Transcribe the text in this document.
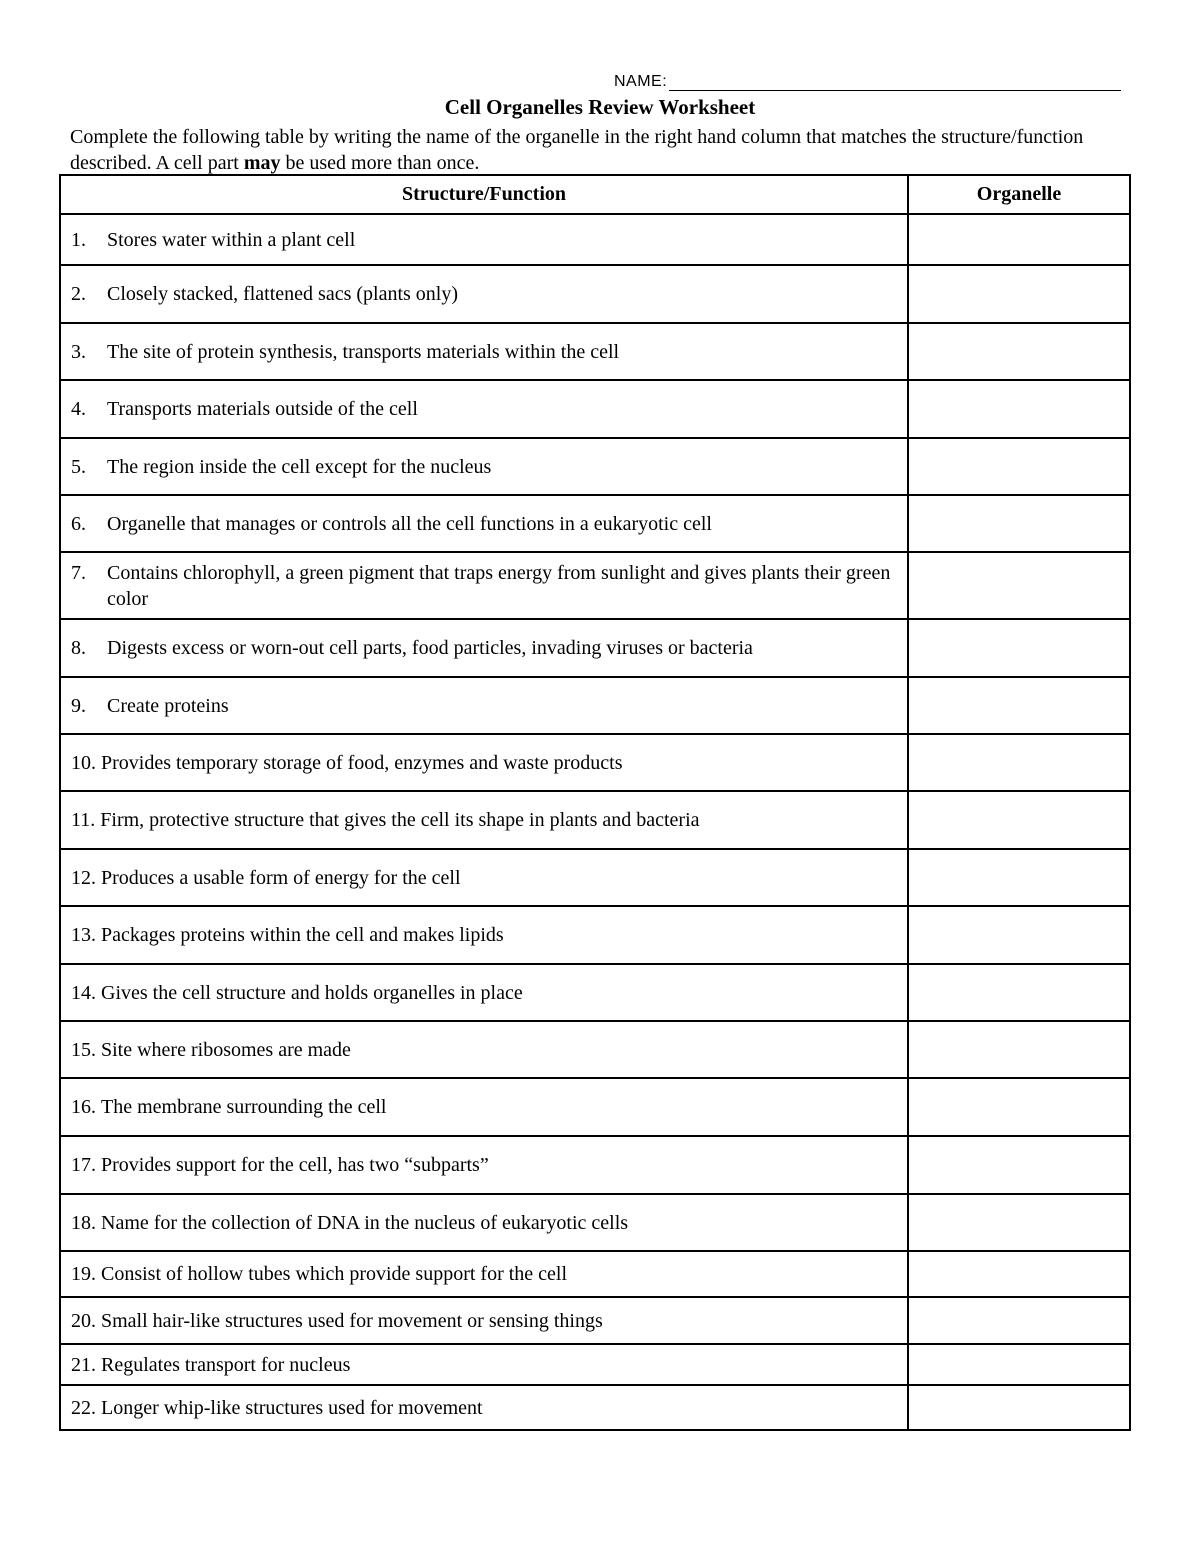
NAME:
Cell Organelles Review Worksheet
Complete the following table by writing the name of the organelle in the right hand column that matches the structure/function described. A cell part may be used more than once.
Structure/Function	Organelle

1. Stores water within a plant cell	

2. Closely stacked, flattened sacs (plants only)	

3. The site of protein synthesis, transports materials within the cell	

4. Transports materials outside of the cell	

5. The region inside the cell except for the nucleus	

6. Organelle that manages or controls all the cell functions in a eukaryotic cell	

7. Contains chlorophyll, a green pigment that traps energy from sunlight and gives plants their green color	

8. Digests excess or worn-out cell parts, food particles, invading viruses or bacteria	

9. Create proteins	

10. Provides temporary storage of food, enzymes and waste products	

11. Firm, protective structure that gives the cell its shape in plants and bacteria	

12. Produces a usable form of energy for the cell	

13. Packages proteins within the cell and makes lipids	

14. Gives the cell structure and holds organelles in place	

15. Site where ribosomes are made	

16. The membrane surrounding the cell	

17. Provides support for the cell, has two “subparts”	

18. Name for the collection of DNA in the nucleus of eukaryotic cells	

19. Consist of hollow tubes which provide support for the cell	

20. Small hair-like structures used for movement or sensing things	

21. Regulates transport for nucleus	

22. Longer whip-like structures used for movement	
